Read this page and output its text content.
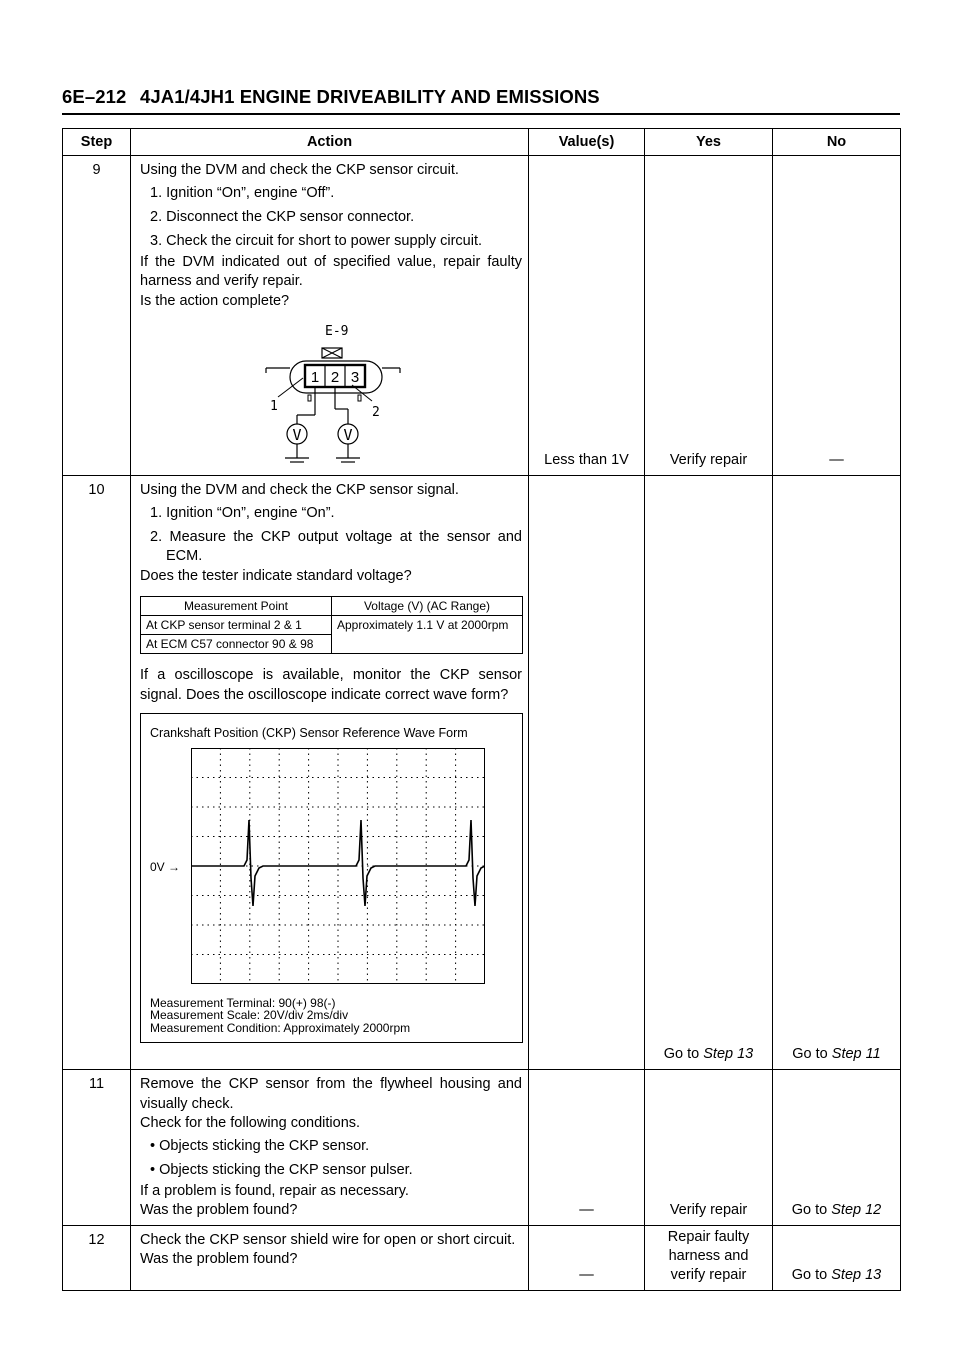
6E–212 4JA1/4JH1 ENGINE DRIVEABILITY AND EMISSIONS
Step	Action	Value(s)	Yes	No
9	Using the DVM and check the CKP sensor circuit.

1. Ignition “On”, engine “Off”.

2. Disconnect the CKP sensor connector.

3. Check the circuit for short to power supply circuit.

If the DVM indicated out of specified value, repair faulty harness and verify repair.

Is the action complete?

E-9
1 2 3
1	2
V	V
	Less than 1V	Verify repair	—
10	Using the DVM and check the CKP sensor signal.

1. Ignition “On”, engine “On”.

2. Measure the CKP output voltage at the sensor and ECM.

Does the tester indicate standard voltage?

Measurement Point	Voltage (V) (AC Range)
At CKP sensor terminal 2 & 1	Approximately 1.1 V at 2000rpm
At ECM C57 connector 90 & 98

If a oscilloscope is available, monitor the CKP sensor signal. Does the oscilloscope indicate correct wave form?

Crankshaft Position (CKP) Sensor Reference Wave Form
0V →
Measurement Terminal: 90(+) 98(-)
Measurement Scale: 20V/div 2ms/div
Measurement Condition: Approximately 2000rpm
		Go to Step 13	Go to Step 11
11	Remove the CKP sensor from the flywheel housing and visually check.

Check for the following conditions.

• Objects sticking the CKP sensor.

• Objects sticking the CKP sensor pulser.

If a problem is found, repair as necessary.

Was the problem found?	—	Verify repair	Go to Step 12
12	Check the CKP sensor shield wire for open or short circuit.

Was the problem found?

	—	Repair faulty harness and verify repair	Go to Step 13
